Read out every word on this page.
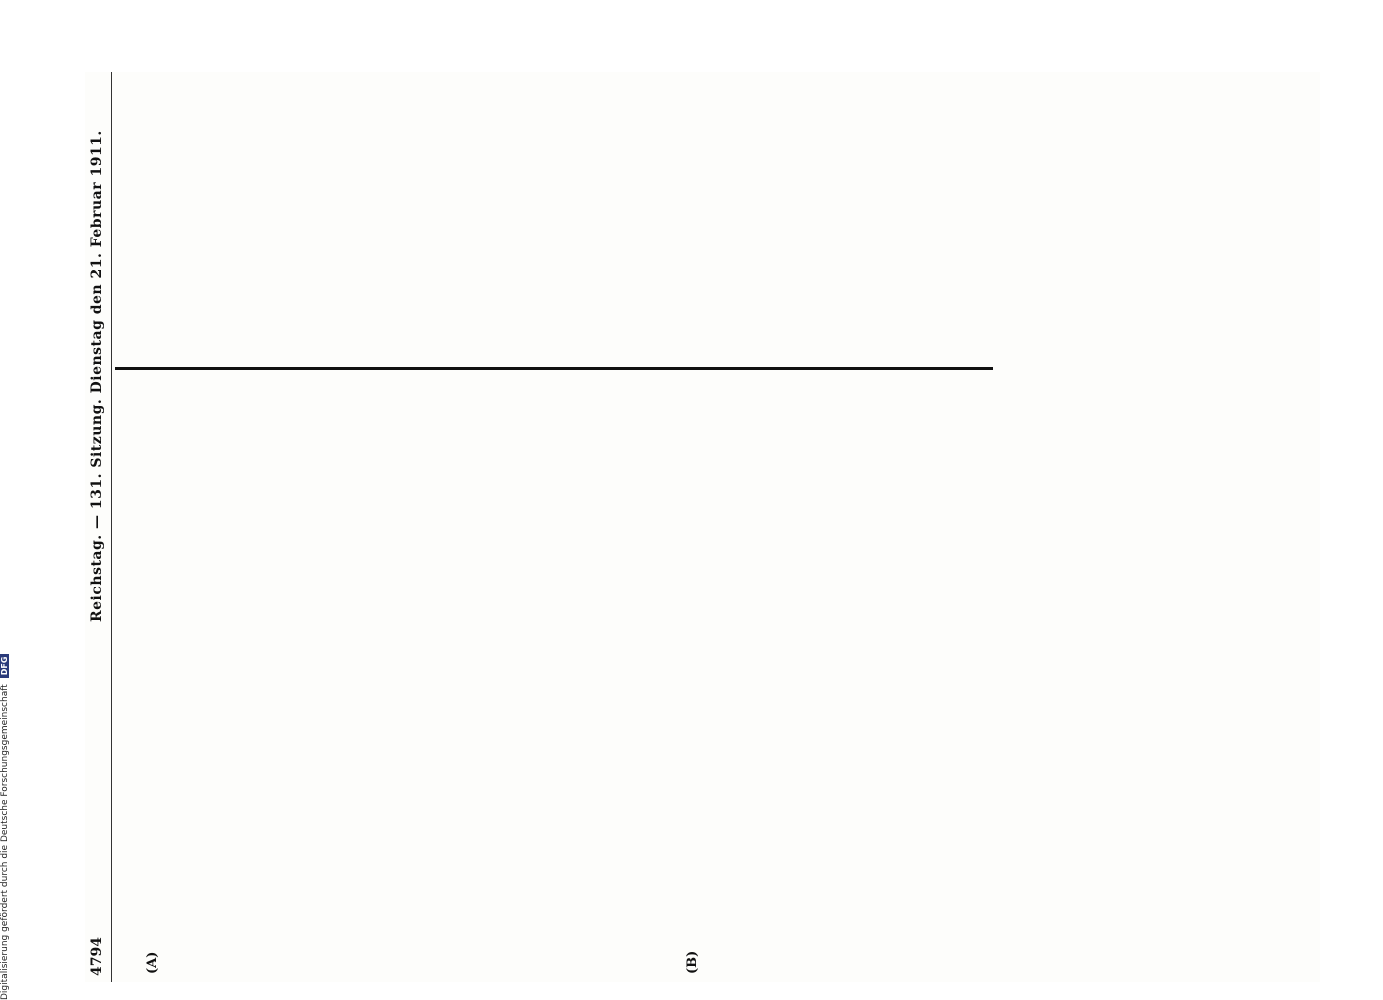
4794
Reichstag. — 131. Sitzung. Dienstag den 21. Februar 1911.
(A)	(B)
Digitalisierung gefördert durch die Deutsche ForschungsgemeinschaftDFG
